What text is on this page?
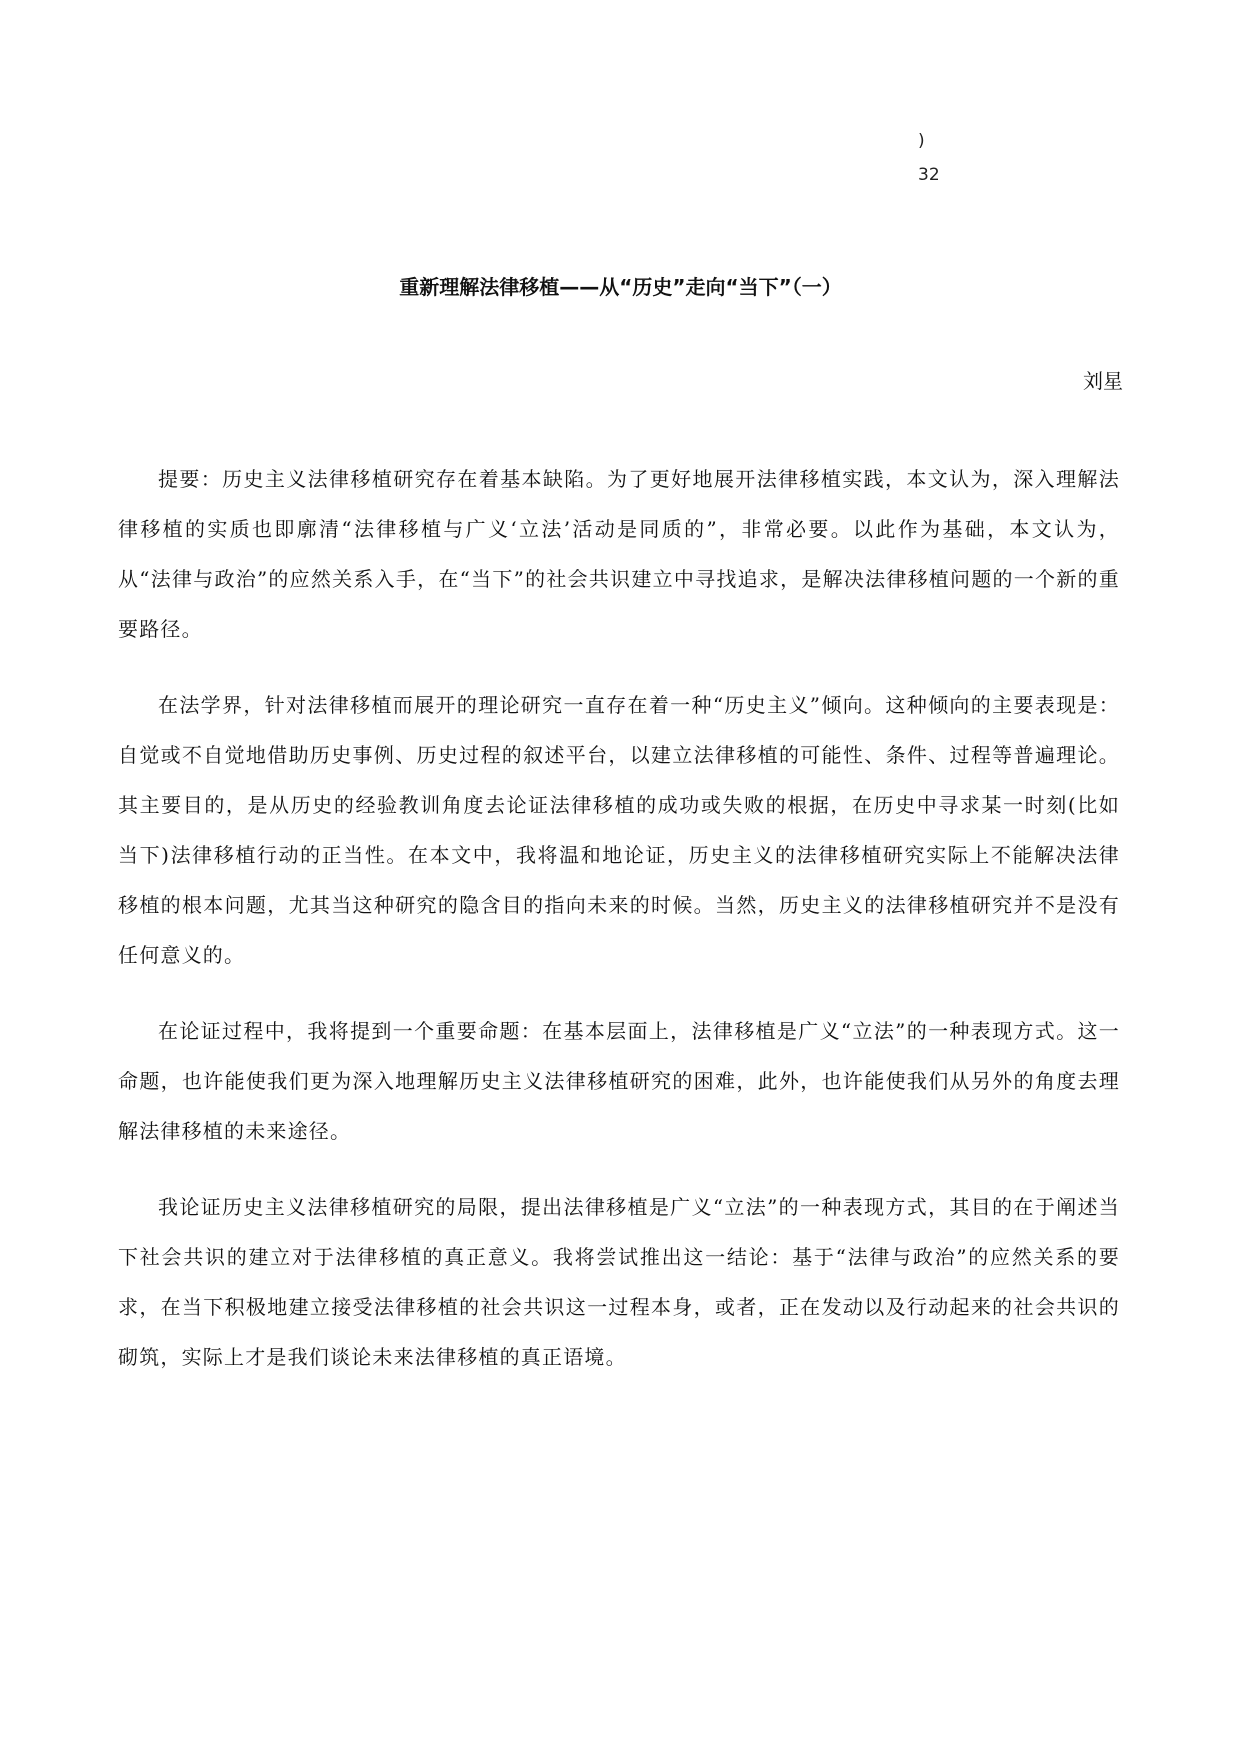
)
32
重新理解法律移植——从“历史”走向“当下”（一）
刘星

提要：历史主义法律移植研究存在着基本缺陷。为了更好地展开法律移植实践，本文认为，深入理解法律移植的实质也即廓清“法律移植与广义‘立法’活动是同质的”，非常必要。以此作为基础，本文认为，从“法律与政治”的应然关系入手，在“当下”的社会共识建立中寻找追求，是解决法律移植问题的一个新的重要路径。

在法学界，针对法律移植而展开的理论研究一直存在着一种“历史主义”倾向。这种倾向的主要表现是：自觉或不自觉地借助历史事例、历史过程的叙述平台，以建立法律移植的可能性、条件、过程等普遍理论。其主要目的，是从历史的经验教训角度去论证法律移植的成功或失败的根据，在历史中寻求某一时刻(比如当下)法律移植行动的正当性。在本文中，我将温和地论证，历史主义的法律移植研究实际上不能解决法律移植的根本问题，尤其当这种研究的隐含目的指向未来的时候。当然，历史主义的法律移植研究并不是没有任何意义的。

在论证过程中，我将提到一个重要命题：在基本层面上，法律移植是广义“立法”的一种表现方式。这一命题，也许能使我们更为深入地理解历史主义法律移植研究的困难，此外，也许能使我们从另外的角度去理解法律移植的未来途径。

我论证历史主义法律移植研究的局限，提出法律移植是广义“立法”的一种表现方式，其目的在于阐述当下社会共识的建立对于法律移植的真正意义。我将尝试推出这一结论：基于“法律与政治”的应然关系的要求，在当下积极地建立接受法律移植的社会共识这一过程本身，或者，正在发动以及行动起来的社会共识的砌筑，实际上才是我们谈论未来法律移植的真正语境。
